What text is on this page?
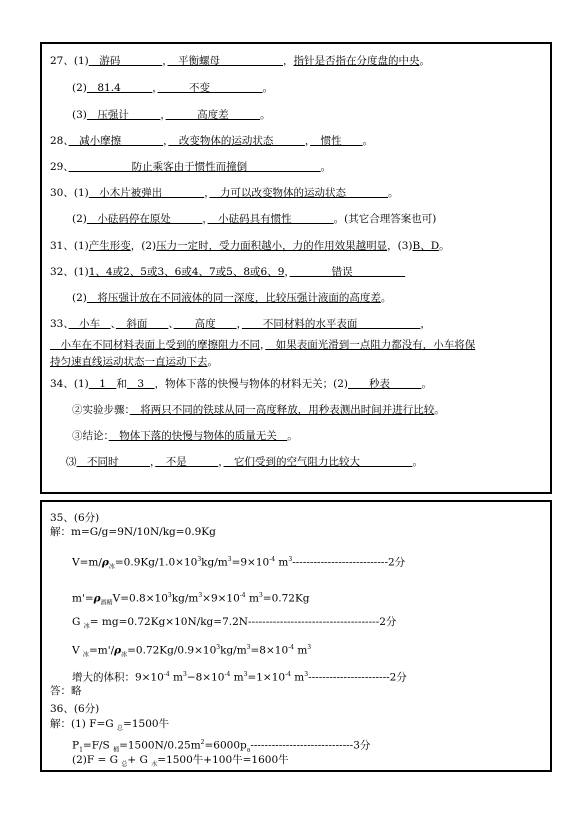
27、(1)　游码　　　　，　平衡螺母　　　　　　，指针是否指在分度盘的中央。
(2)　81.4　　　，　　　不变　　　　　。
(3)　压强计　　　，　　　高度差　　　。
28、　减小摩擦　　　　，　改变物体的运动状态　　　，　惯性　　。
29、　　　　　　防止乘客由于惯性而撞倒　　　　　　　。
30、(1)　小木片被弹出　　　　，　力可以改变物体的运动状态　　　　。
(2)　小砝码停在原处　　　，　小砝码具有惯性　　　　。(其它合理答案也可)
31、(1)产生形变，(2)压力一定时，受力面积越小，力的作用效果越明显，(3)B、D。
32、(1)1、4或2、5或3、6或4、7或5、8或6、9，　　　　错误　　　　　
(2)　将压强计放在不同液体的同一深度，比较压强计液面的高度差。
33、　小车　、　斜面　　、　　高度　　，　　不同材料的水平表面　　　　　　，
　小车在不同材料表面上受到的摩擦阻力不同，　如果表面光滑到一点阻力都没有，小车将保
持匀速直线运动状态一直运动下去。
34、(1)　1　和　3　，物体下落的快慢与物体的材料无关；(2)　　秒表　　　。
②实验步骤：　将两只不同的铁球从同一高度释放，用秒表测出时间并进行比较。
③结论：　物体下落的快慢与物体的质量无关　。
⑶　不同时　　　，　不是　　　，　它们受到的空气阻力比较大　　　　　。
35、(6分)
解：m=G/g=9N/10N/kg=0.9Kg
$V=m/\rho_冰=0.9Kg/1.0\times 10^3kg/m^3=9\times 10^{-4}$ $m^3---------------------------2$分
$m'=\rho_{酒精}V=0.8\times 10^3kg/m^3\times 9\times 10^{-4}$ $m^3=0.72Kg$
G $_冰$= mg=0.72Kg×10N/kg=7.2N-------------------------------------2分
V $_冰=m'/\rho_冰=0.72Kg/0.9\times 10^3kg/m^3=8\times 10^{-4}$ $m^3$
增大的体积：$9\times 10^{-4}$ $m^3-8\times 10^{-4}$ $m^3=1\times 10^{-4}$ $m^3-----------------------2$分
答：略
36、(6分)
解：(1) F=G $_总$=1500牛
$P_1=F/S$ $_桶=1500N/0.25m^2=6000p_a-----------------------------3$分
(2)F = G $_总$+ G $_水$=1500牛+100牛=1600牛
